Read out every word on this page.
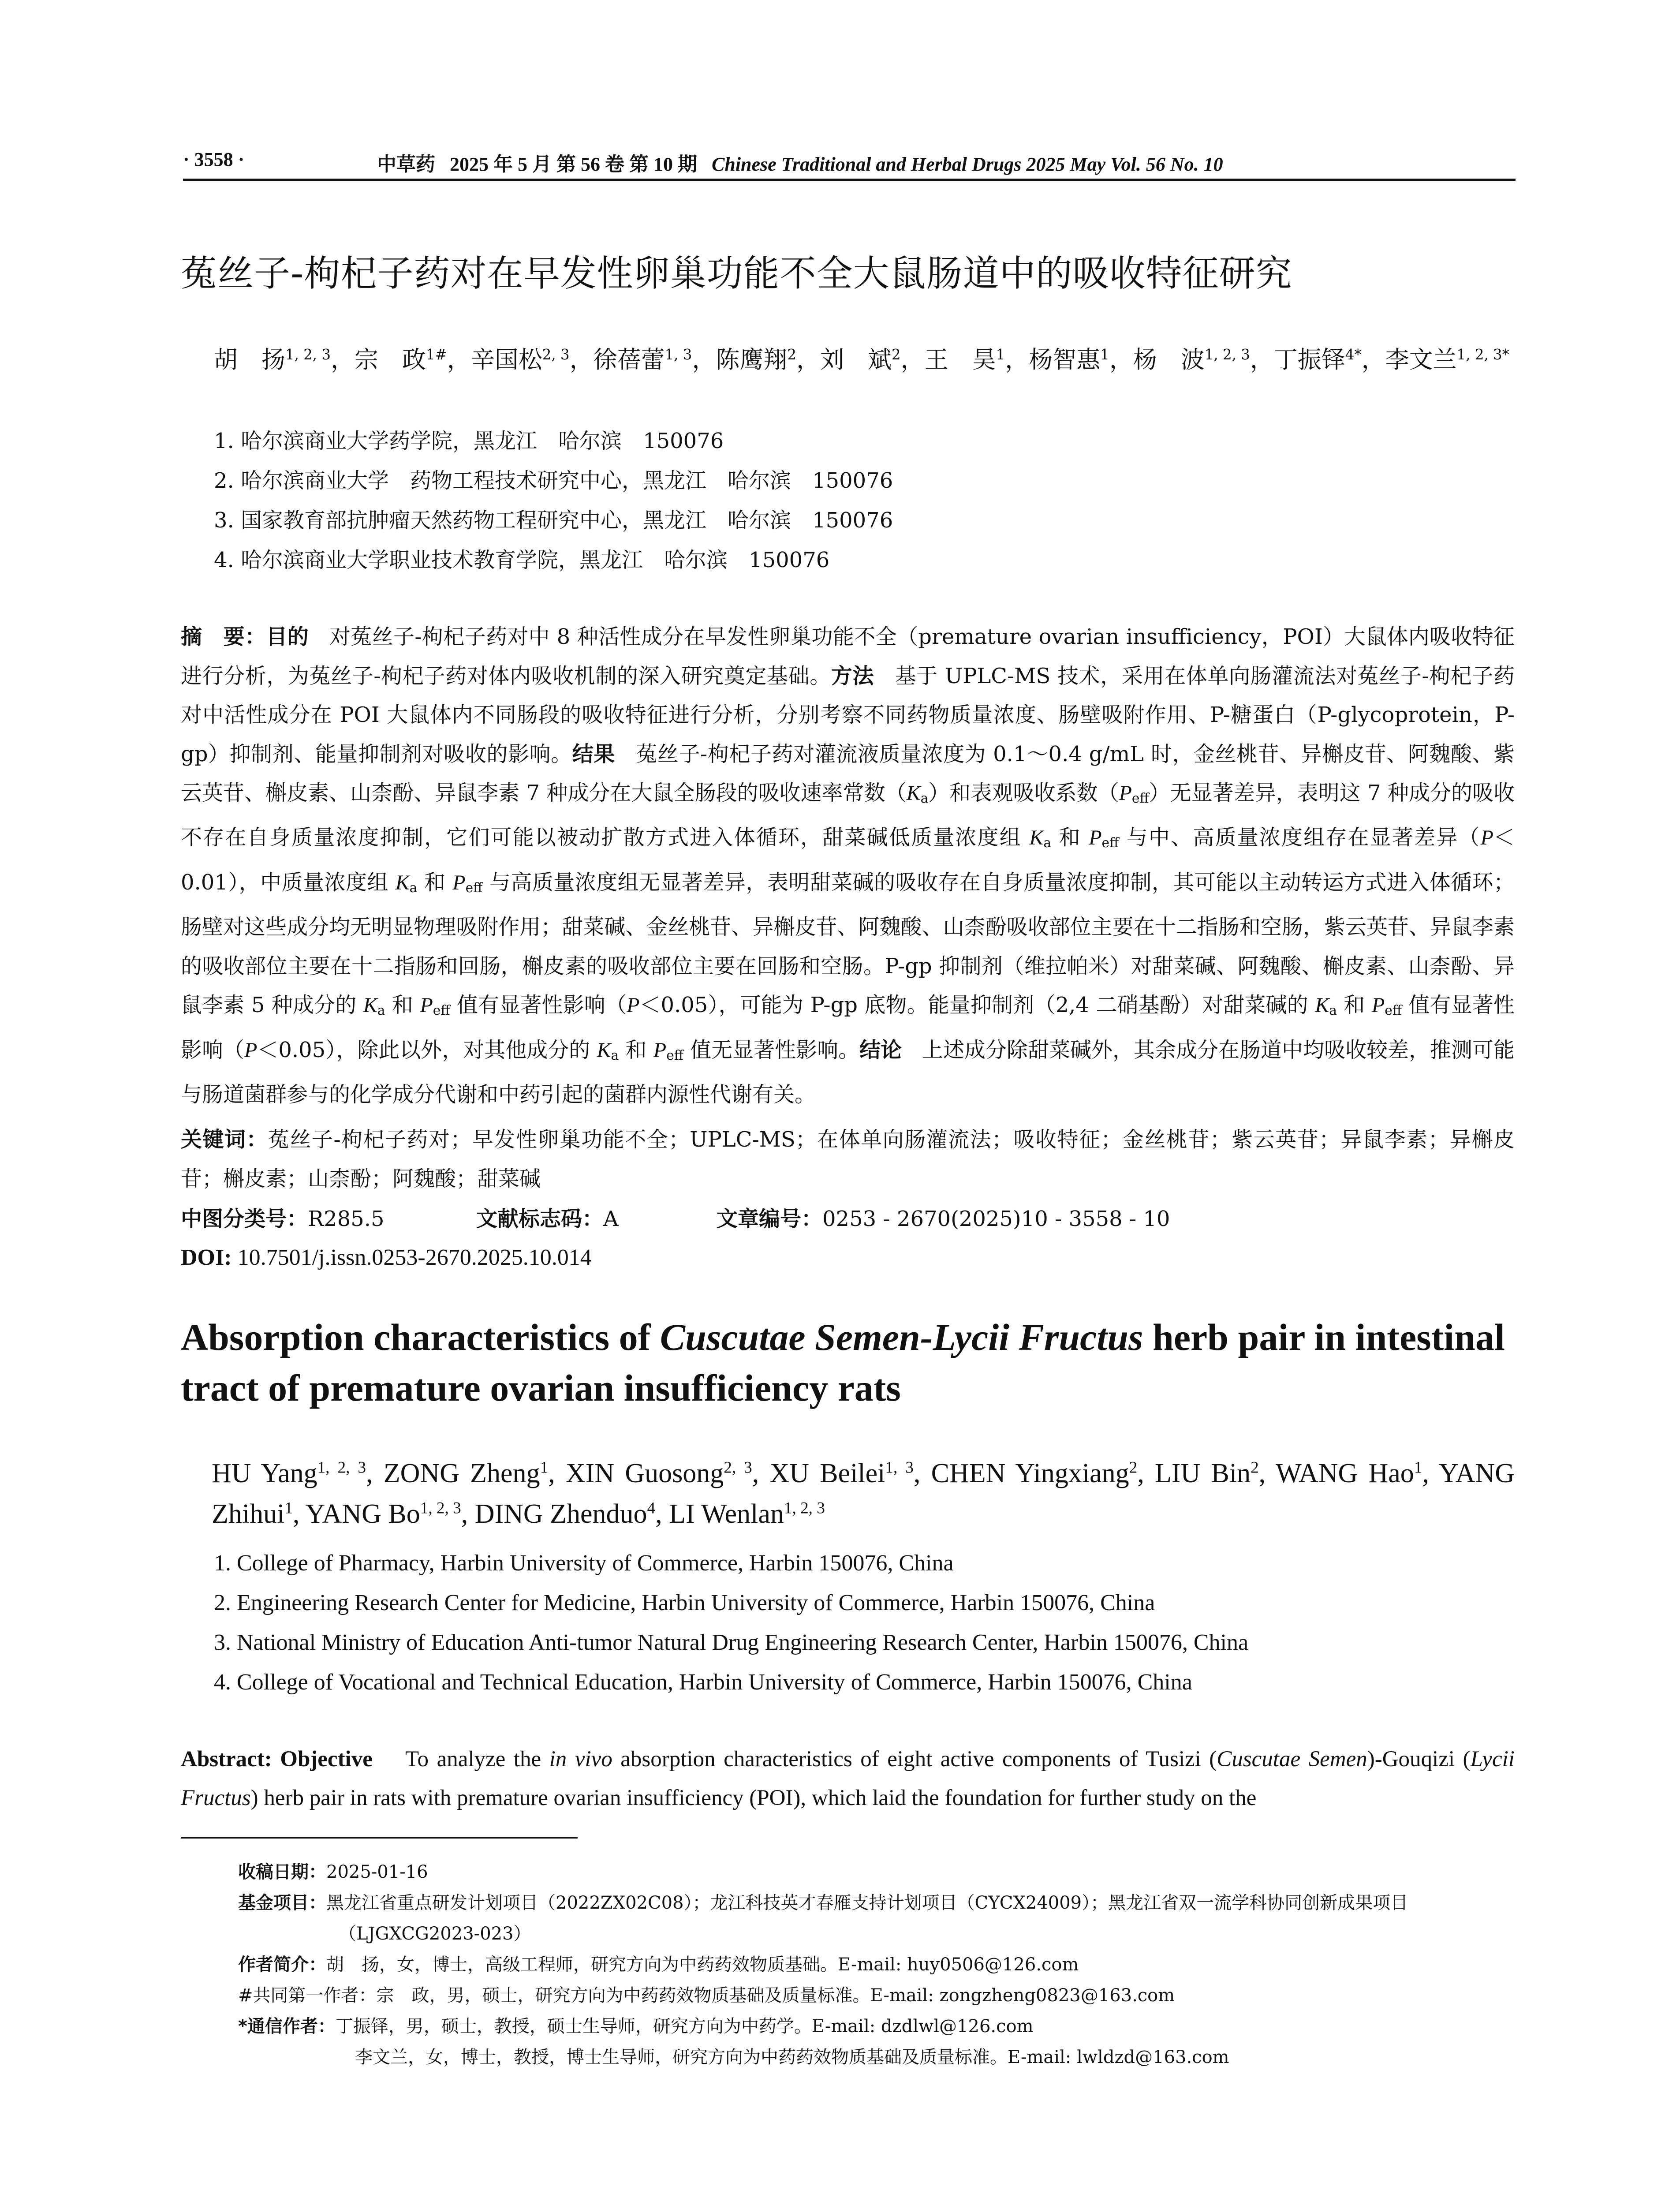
· 3558 ·	中草药 2025 年 5 月 第 56 卷 第 10 期 Chinese Traditional and Herbal Drugs 2025 May Vol. 56 No. 10
菟丝子-枸杞子药对在早发性卵巢功能不全大鼠肠道中的吸收特征研究
胡　扬$^{1, 2, 3}$，宗　政$^{1\#}$，辛国松$^{2, 3}$，徐蓓蕾$^{1, 3}$，陈鹰翔$^2$，刘　斌$^2$，王　昊$^1$，杨智惠$^1$，杨　波$^{1, 2, 3}$，丁振铎$^{4*}$，李文兰$^{1, 2, 3*}$
1. 哈尔滨商业大学药学院，黑龙江　哈尔滨　150076
2. 哈尔滨商业大学　药物工程技术研究中心，黑龙江　哈尔滨　150076
3. 国家教育部抗肿瘤天然药物工程研究中心，黑龙江　哈尔滨　150076
4. 哈尔滨商业大学职业技术教育学院，黑龙江　哈尔滨　150076
摘　要：目的 对菟丝子-枸杞子药对中 8 种活性成分在早发性卵巢功能不全（premature ovarian insufficiency，POI）大鼠体内吸收特征进行分析，为菟丝子-枸杞子药对体内吸收机制的深入研究奠定基础。方法 基于 UPLC-MS 技术，采用在体单向肠灌流法对菟丝子-枸杞子药对中活性成分在 POI 大鼠体内不同肠段的吸收特征进行分析，分别考察不同药物质量浓度、肠壁吸附作用、P-糖蛋白（P-glycoprotein，P-gp）抑制剂、能量抑制剂对吸收的影响。结果 菟丝子-枸杞子药对灌流液质量浓度为 0.1～0.4 g/mL 时，金丝桃苷、异槲皮苷、阿魏酸、紫云英苷、槲皮素、山柰酚、异鼠李素 7 种成分在大鼠全肠段的吸收速率常数（Ka）和表观吸收系数（Peff）无显著差异，表明这 7 种成分的吸收不存在自身质量浓度抑制，它们可能以被动扩散方式进入体循环，甜菜碱低质量浓度组 Ka 和 Peff 与中、高质量浓度组存在显著差异（P＜0.01），中质量浓度组 Ka 和 Peff 与高质量浓度组无显著差异，表明甜菜碱的吸收存在自身质量浓度抑制，其可能以主动转运方式进入体循环；肠壁对这些成分均无明显物理吸附作用；甜菜碱、金丝桃苷、异槲皮苷、阿魏酸、山柰酚吸收部位主要在十二指肠和空肠，紫云英苷、异鼠李素的吸收部位主要在十二指肠和回肠，槲皮素的吸收部位主要在回肠和空肠。P-gp 抑制剂（维拉帕米）对甜菜碱、阿魏酸、槲皮素、山柰酚、异鼠李素 5 种成分的 Ka 和 Peff 值有显著性影响（P＜0.05），可能为 P-gp 底物。能量抑制剂（2,4 二硝基酚）对甜菜碱的 Ka 和 Peff 值有显著性影响（P＜0.05），除此以外，对其他成分的 Ka 和 Peff 值无显著性影响。结论 上述成分除甜菜碱外，其余成分在肠道中均吸收较差，推测可能与肠道菌群参与的化学成分代谢和中药引起的菌群内源性代谢有关。
关键词：菟丝子-枸杞子药对；早发性卵巢功能不全；UPLC-MS；在体单向肠灌流法；吸收特征；金丝桃苷；紫云英苷；异鼠李素；异槲皮苷；槲皮素；山柰酚；阿魏酸；甜菜碱
中图分类号：R285.5	文献标志码：A	文章编号：0253 - 2670(2025)10 - 3558 - 10
DOI: 10.7501/j.issn.0253-2670.2025.10.014
Absorption characteristics of Cuscutae Semen-Lycii Fructus herb pair in intestinal tract of premature ovarian insufficiency rats
HU Yang$^{1, 2, 3}$, ZONG Zheng$^1$, XIN Guosong$^{2, 3}$, XU Beilei$^{1, 3}$, CHEN Yingxiang$^2$, LIU Bin$^2$, WANG Hao$^1$, YANG Zhihui$^1$, YANG Bo$^{1, 2, 3}$, DING Zhenduo$^4$, LI Wenlan$^{1, 2, 3}$
1. College of Pharmacy, Harbin University of Commerce, Harbin 150076, China
2. Engineering Research Center for Medicine, Harbin University of Commerce, Harbin 150076, China
3. National Ministry of Education Anti-tumor Natural Drug Engineering Research Center, Harbin 150076, China
4. College of Vocational and Technical Education, Harbin University of Commerce, Harbin 150076, China
Abstract: Objective To analyze the in vivo absorption characteristics of eight active components of Tusizi (Cuscutae Semen)-Gouqizi (Lycii Fructus) herb pair in rats with premature ovarian insufficiency (POI), which laid the foundation for further study on the
收稿日期：2025-01-16
基金项目：黑龙江省重点研发计划项目（2022ZX02C08）；龙江科技英才春雁支持计划项目（CYCX24009）；黑龙江省双一流学科协同创新成果项目（LJGXCG2023-023）
作者简介：胡　扬，女，博士，高级工程师，研究方向为中药药效物质基础。E-mail: huy0506@126.com
#共同第一作者：宗　政，男，硕士，研究方向为中药药效物质基础及质量标准。E-mail: zongzheng0823@163.com
*通信作者：丁振铎，男，硕士，教授，硕士生导师，研究方向为中药学。E-mail: dzdlwl@126.com
李文兰，女，博士，教授，博士生导师，研究方向为中药药效物质基础及质量标准。E-mail: lwldzd@163.com
